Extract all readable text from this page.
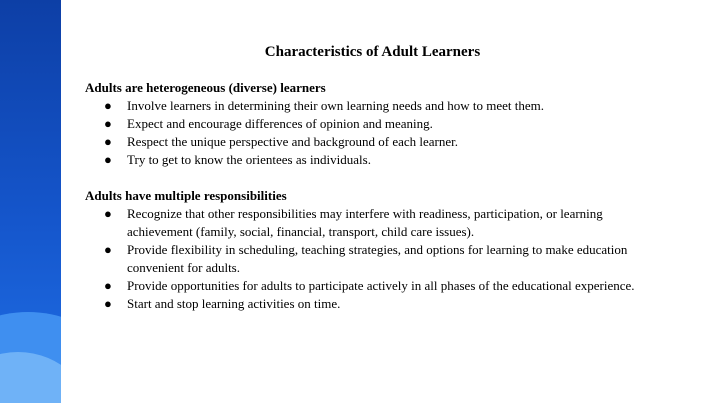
Characteristics of Adult Learners
Adults are heterogeneous (diverse) learners
● Involve learners in determining their own learning needs and how to meet them.
● Expect and encourage differences of opinion and meaning.
● Respect the unique perspective and background of each learner.
● Try to get to know the orientees as individuals.
Adults have multiple responsibilities
● Recognize that other responsibilities may interfere with readiness, participation, or learning achievement (family, social, financial, transport, child care issues).
● Provide flexibility in scheduling, teaching strategies, and options for learning to make education convenient for adults.
● Provide opportunities for adults to participate actively in all phases of the educational experience.
● Start and stop learning activities on time.
